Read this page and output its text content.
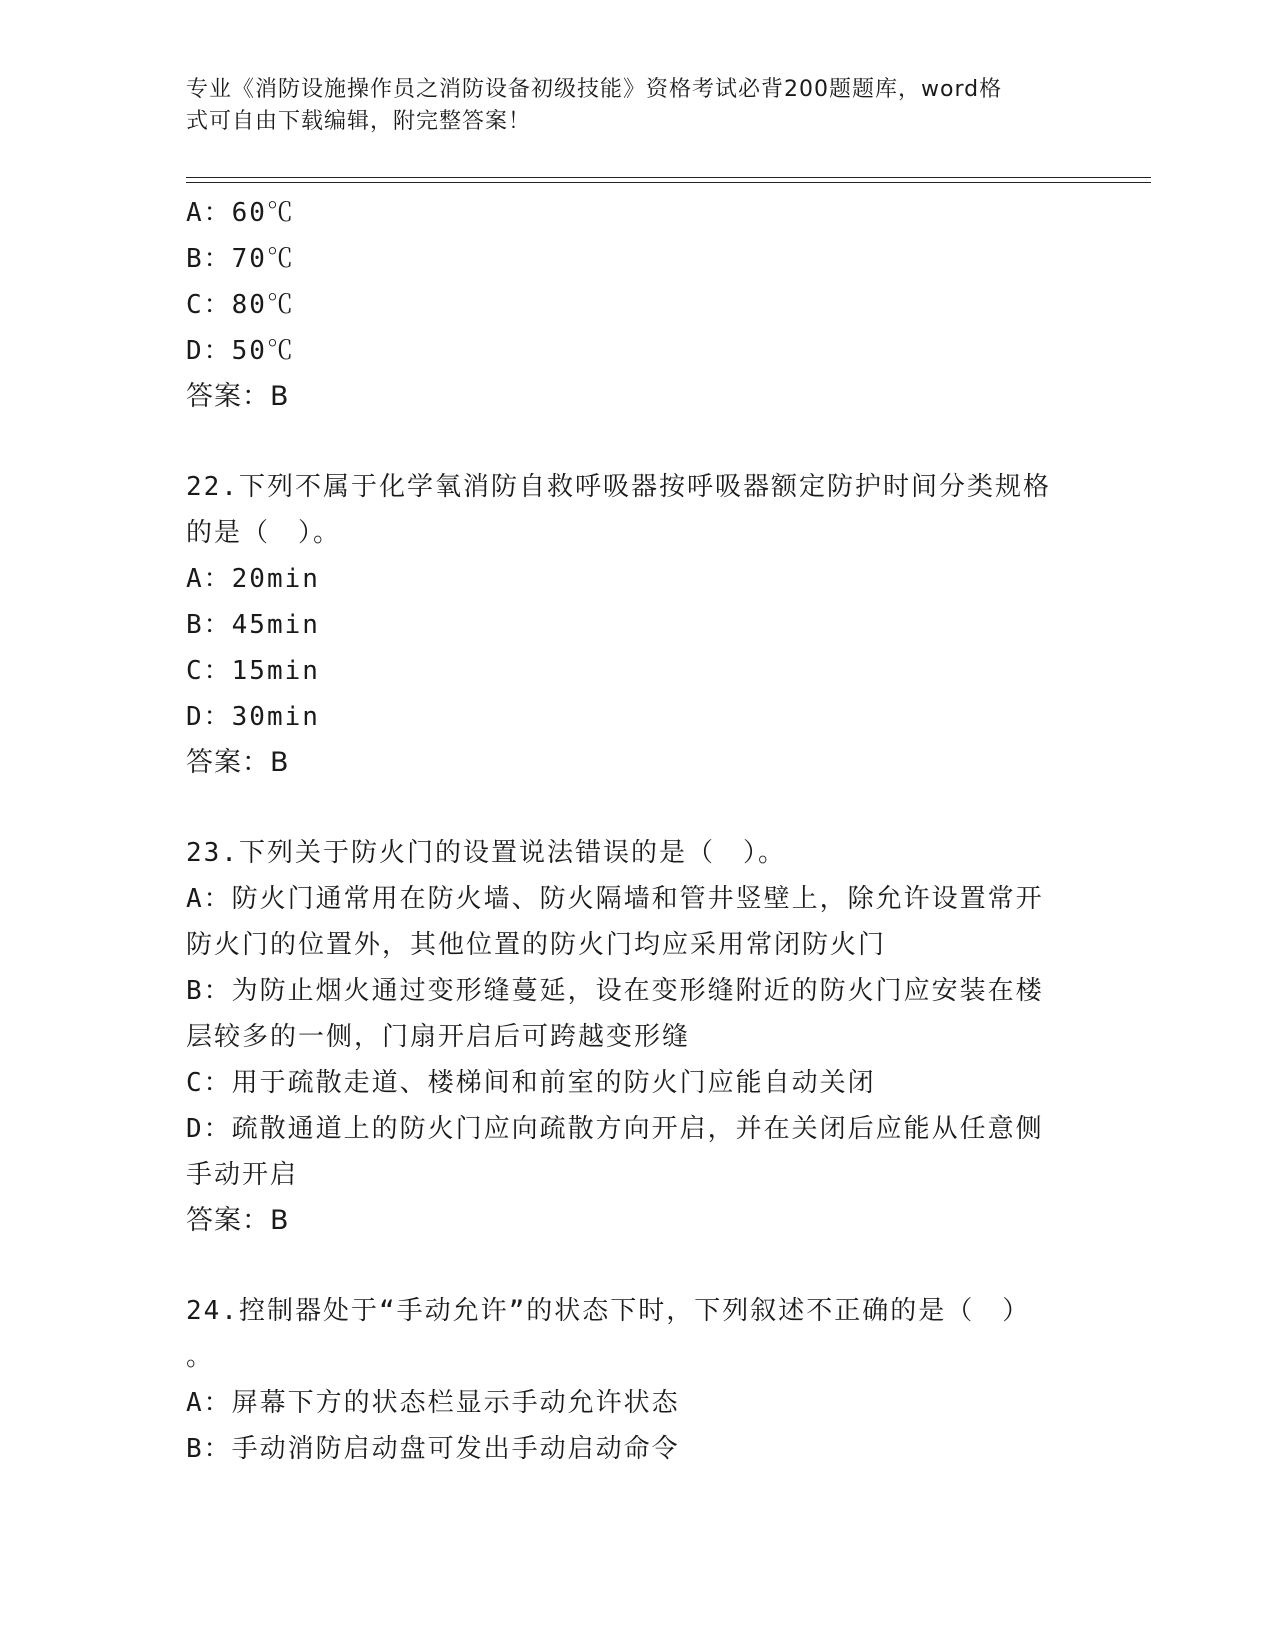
专业《消防设施操作员之消防设备初级技能》资格考试必背200题题库，word格
式可自由下载编辑，附完整答案！
A：60℃
B：70℃
C：80℃
D：50℃
答案：B
22.下列不属于化学氧消防自救呼吸器按呼吸器额定防护时间分类规格
的是（　）。
A：20min
B：45min
C：15min
D：30min
答案：B
23.下列关于防火门的设置说法错误的是（　）。
A：防火门通常用在防火墙、防火隔墙和管井竖壁上，除允许设置常开
防火门的位置外，其他位置的防火门均应采用常闭防火门
B：为防止烟火通过变形缝蔓延，设在变形缝附近的防火门应安装在楼
层较多的一侧，门扇开启后可跨越变形缝
C：用于疏散走道、楼梯间和前室的防火门应能自动关闭
D：疏散通道上的防火门应向疏散方向开启，并在关闭后应能从任意侧
手动开启
答案：B
24.控制器处于“手动允许”的状态下时，下列叙述不正确的是（　）
。
A：屏幕下方的状态栏显示手动允许状态
B：手动消防启动盘可发出手动启动命令
